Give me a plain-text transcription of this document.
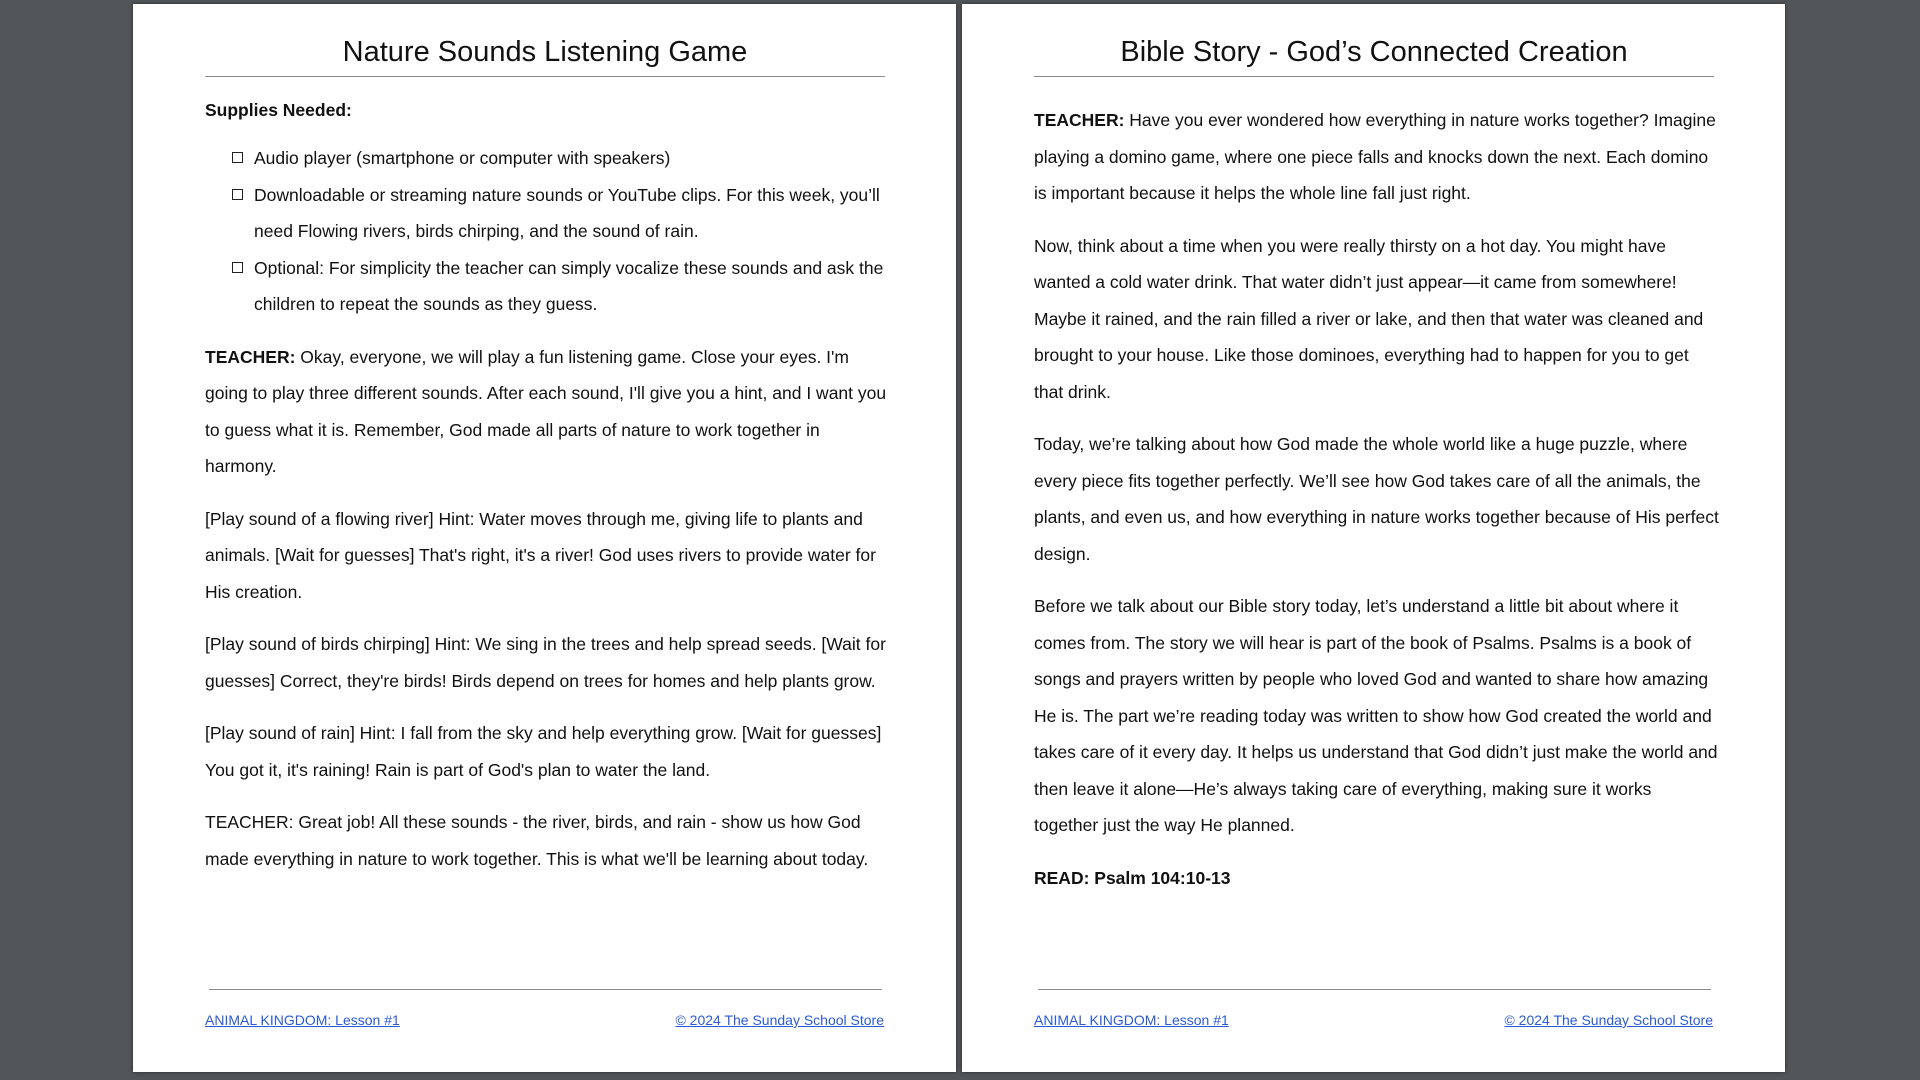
Nature Sounds Listening Game
Supplies Needed:
Audio player (smartphone or computer with speakers)
Downloadable or streaming nature sounds or YouTube clips. For this week, you’ll need Flowing rivers, birds chirping, and the sound of rain.
Optional: For simplicity the teacher can simply vocalize these sounds and ask the children to repeat the sounds as they guess.

TEACHER: Okay, everyone, we will play a fun listening game. Close your eyes. I'm going to play three different sounds. After each sound, I'll give you a hint, and I want you to guess what it is. Remember, God made all parts of nature to work together in harmony.

[Play sound of a flowing river] Hint: Water moves through me, giving life to plants and animals. [Wait for guesses] That's right, it's a river! God uses rivers to provide water for His creation.

[Play sound of birds chirping] Hint: We sing in the trees and help spread seeds. [Wait for guesses] Correct, they're birds! Birds depend on trees for homes and help plants grow.

[Play sound of rain] Hint: I fall from the sky and help everything grow. [Wait for guesses] You got it, it's raining! Rain is part of God's plan to water the land.

TEACHER: Great job! All these sounds - the river, birds, and rain - show us how God made everything in nature to work together. This is what we'll be learning about today.

ANIMAL KINGDOM: Lesson #1	© 2024 The Sunday School Store
Bible Story - God’s Connected Creation

TEACHER: Have you ever wondered how everything in nature works together? Imagine playing a domino game, where one piece falls and knocks down the next. Each domino is important because it helps the whole line fall just right.

Now, think about a time when you were really thirsty on a hot day. You might have wanted a cold water drink. That water didn’t just appear—it came from somewhere! Maybe it rained, and the rain filled a river or lake, and then that water was cleaned and brought to your house. Like those dominoes, everything had to happen for you to get that drink.

Today, we’re talking about how God made the whole world like a huge puzzle, where every piece fits together perfectly. We’ll see how God takes care of all the animals, the plants, and even us, and how everything in nature works together because of His perfect design.

Before we talk about our Bible story today, let’s understand a little bit about where it comes from. The story we will hear is part of the book of Psalms. Psalms is a book of songs and prayers written by people who loved God and wanted to share how amazing He is. The part we’re reading today was written to show how God created the world and takes care of it every day. It helps us understand that God didn’t just make the world and then leave it alone—He’s always taking care of everything, making sure it works together just the way He planned.

READ: Psalm 104:10-13

ANIMAL KINGDOM: Lesson #1	© 2024 The Sunday School Store
